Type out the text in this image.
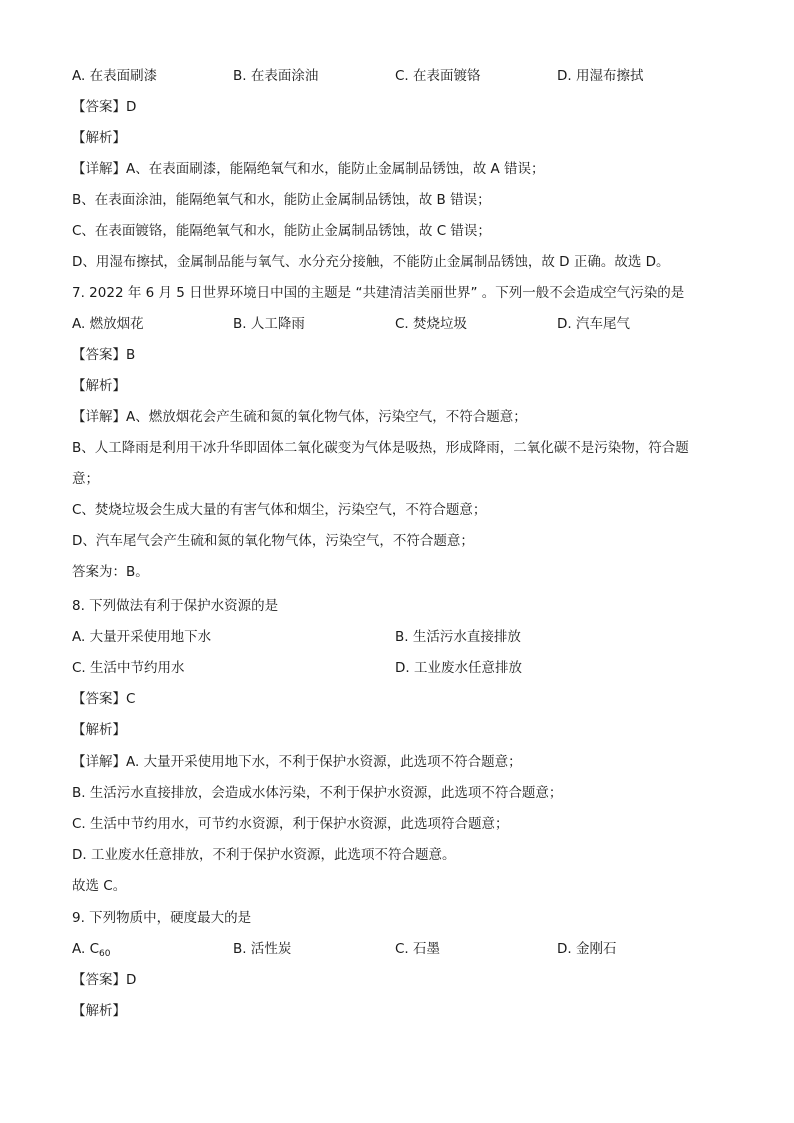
A. 在表面刷漆	B. 在表面涂油	C. 在表面镀铬	D. 用湿布擦拭
【答案】D
【解析】
【详解】A、在表面刷漆，能隔绝氧气和水，能防止金属制品锈蚀，故 A 错误；
B、在表面涂油，能隔绝氧气和水，能防止金属制品锈蚀，故 B 错误；
C、在表面镀铬，能隔绝氧气和水，能防止金属制品锈蚀，故 C 错误；
D、用湿布擦拭，金属制品能与氧气、水分充分接触，不能防止金属制品锈蚀，故 D 正确。故选 D。
7. 2022 年 6 月 5 日世界环境日中国的主题是 “共建清洁美丽世界” 。下列一般不会造成空气污染的是
A. 燃放烟花	B. 人工降雨	C. 焚烧垃圾	D. 汽车尾气
【答案】B
【解析】
【详解】A、燃放烟花会产生硫和氮的氧化物气体，污染空气，不符合题意；
B、人工降雨是利用干冰升华即固体二氧化碳变为气体是吸热，形成降雨，二氧化碳不是污染物，符合题
意；
C、焚烧垃圾会生成大量的有害气体和烟尘，污染空气，不符合题意；
D、汽车尾气会产生硫和氮的氧化物气体，污染空气，不符合题意；
答案为：B。
8. 下列做法有利于保护水资源的是
A. 大量开采使用地下水	B. 生活污水直接排放
C. 生活中节约用水	D. 工业废水任意排放
【答案】C
【解析】
【详解】A. 大量开采使用地下水，不利于保护水资源，此选项不符合题意；
B. 生活污水直接排放，会造成水体污染，不利于保护水资源，此选项不符合题意；
C. 生活中节约用水，可节约水资源，利于保护水资源，此选项符合题意；
D. 工业废水任意排放，不利于保护水资源，此选项不符合题意。
故选 C。
9. 下列物质中，硬度最大的是
A. $C_{60}$	B. 活性炭	C. 石墨	D. 金刚石
【答案】D
【解析】
